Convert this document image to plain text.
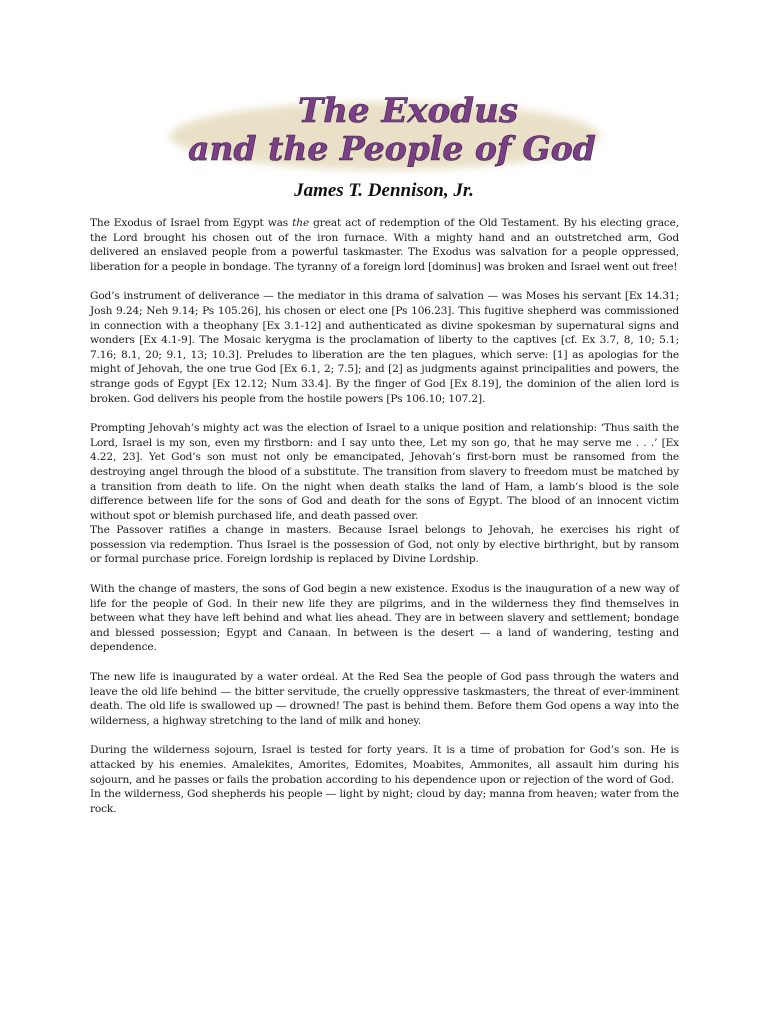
The Exodus
and the People of God
James T. Dennison, Jr.

The Exodus of Israel from Egypt was the great act of redemption of the Old Testament. By his electing grace, the Lord brought his chosen out of the iron furnace. With a mighty hand and an outstretched arm, God delivered an enslaved people from a powerful taskmaster. The Exodus was salvation for a people oppressed, liberation for a people in bondage. The tyranny of a foreign lord [dominus] was broken and Israel went out free!

God’s instrument of deliverance — the mediator in this drama of salvation — was Moses his servant [Ex 14.31; Josh 9.24; Neh 9.14; Ps 105.26], his chosen or elect one [Ps 106.23]. This fugitive shepherd was commissioned in connection with a theophany [Ex 3.1-12] and authenticated as divine spokesman by supernatural signs and wonders [Ex 4.1-9]. The Mosaic kerygma is the proclamation of liberty to the captives [cf. Ex 3.7, 8, 10; 5.1; 7.16; 8.1, 20; 9.1, 13; 10.3]. Preludes to liberation are the ten plagues, which serve: [1] as apologias for the might of Jehovah, the one true God [Ex 6.1, 2; 7.5]; and [2] as judgments against principalities and powers, the strange gods of Egypt [Ex 12.12; Num 33.4]. By the finger of God [Ex 8.19], the dominion of the alien lord is broken. God delivers his people from the hostile powers [Ps 106.10; 107.2].

Prompting Jehovah’s mighty act was the election of Israel to a unique position and relationship: ‘Thus saith the Lord, Israel is my son, even my firstborn: and I say unto thee, Let my son go, that he may serve me . . .’ [Ex 4.22, 23]. Yet God’s son must not only be emancipated, Jehovah’s first-born must be ransomed from the destroying angel through the blood of a substitute. The transition from slavery to freedom must be matched by a transition from death to life. On the night when death stalks the land of Ham, a lamb’s blood is the sole difference between life for the sons of God and death for the sons of Egypt. The blood of an innocent victim without spot or blemish purchased life, and death passed over.

The Passover ratifies a change in masters. Because Israel belongs to Jehovah, he exercises his right of possession via redemption. Thus Israel is the possession of God, not only by elective birthright, but by ransom or formal purchase price. Foreign lordship is replaced by Divine Lordship.

With the change of masters, the sons of God begin a new existence. Exodus is the inauguration of a new way of life for the people of God. In their new life they are pilgrims, and in the wilderness they find themselves in between what they have left behind and what lies ahead. They are in between slavery and settlement; bondage and blessed possession; Egypt and Canaan. In between is the desert — a land of wandering, testing and dependence.

The new life is inaugurated by a water ordeal. At the Red Sea the people of God pass through the waters and leave the old life behind — the bitter servitude, the cruelly oppressive taskmasters, the threat of ever-imminent death. The old life is swallowed up — drowned! The past is behind them. Before them God opens a way into the wilderness, a highway stretching to the land of milk and honey.

During the wilderness sojourn, Israel is tested for forty years. It is a time of probation for God’s son. He is attacked by his enemies. Amalekites, Amorites, Edomites, Moabites, Ammonites, all assault him during his sojourn, and he passes or fails the probation according to his dependence upon or rejection of the word of God.

In the wilderness, God shepherds his people — light by night; cloud by day; manna from heaven; water from the rock.
